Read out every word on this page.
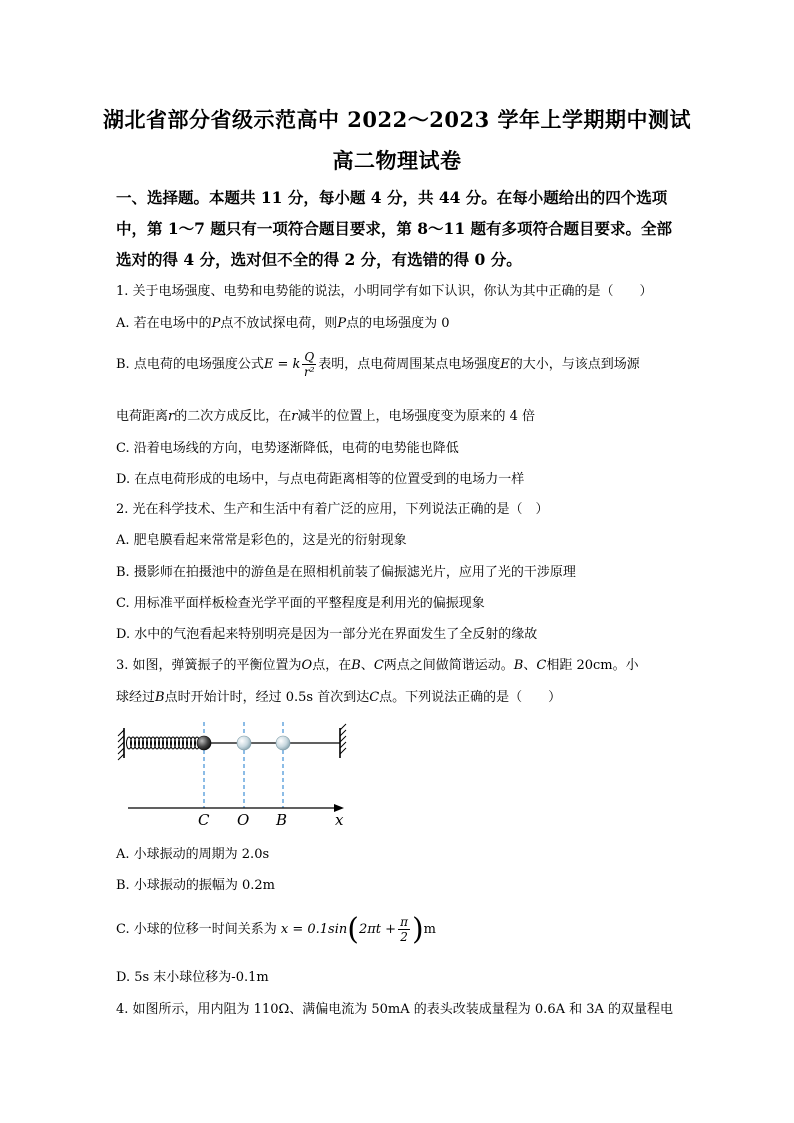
湖北省部分省级示范高中 2022～2023 学年上学期期中测试
高二物理试卷
一、选择题。本题共 11 分，每小题 4 分，共 44 分。在每小题给出的四个选项中，第 1～7 题只有一项符合题目要求，第 8～11 题有多项符合题目要求。全部选对的得 4 分，选对但不全的得 2 分，有选错的得 0 分。
1. 关于电场强度、电势和电势能的说法，小明同学有如下认识，你认为其中正确的是（　　）
A. 若在电场中的P点不放试探电荷，则P点的电场强度为 0
B. 点电荷的电场强度公式E = k $\frac{Q}{\text{r²}}$ 表明，点电荷周围某点电场强度E的大小，与该点到场源
电荷距离r的二次方成反比，在r减半的位置上，电场强度变为原来的 4 倍
C. 沿着电场线的方向，电势逐渐降低，电荷的电势能也降低
D. 在点电荷形成的电场中，与点电荷距离相等的位置受到的电场力一样
2. 光在科学技术、生产和生活中有着广泛的应用，下列说法正确的是（　）
A. 肥皂膜看起来常常是彩色的，这是光的衍射现象
B. 摄影师在拍摄池中的游鱼是在照相机前装了偏振滤光片，应用了光的干涉原理
C. 用标准平面样板检查光学平面的平整程度是利用光的偏振现象
D. 水中的气泡看起来特别明亮是因为一部分光在界面发生了全反射的缘故
3. 如图，弹簧振子的平衡位置为O点，在B、C两点之间做简谐运动。B、C相距 20cm。小
球经过B点时开始计时，经过 0.5s 首次到达C点。下列说法正确的是（　　）
C O B	x
A. 小球振动的周期为 2.0s
B. 小球振动的振幅为 0.2m
C. 小球的位移一时间关系为 $x = 0.1\sin(2\pi t + \frac{\pi}{2} )m$
D. 5s 末小球位移为-0.1m
4. 如图所示，用内阻为 110Ω、满偏电流为 50mA 的表头改装成量程为 0.6A 和 3A 的双量程电
